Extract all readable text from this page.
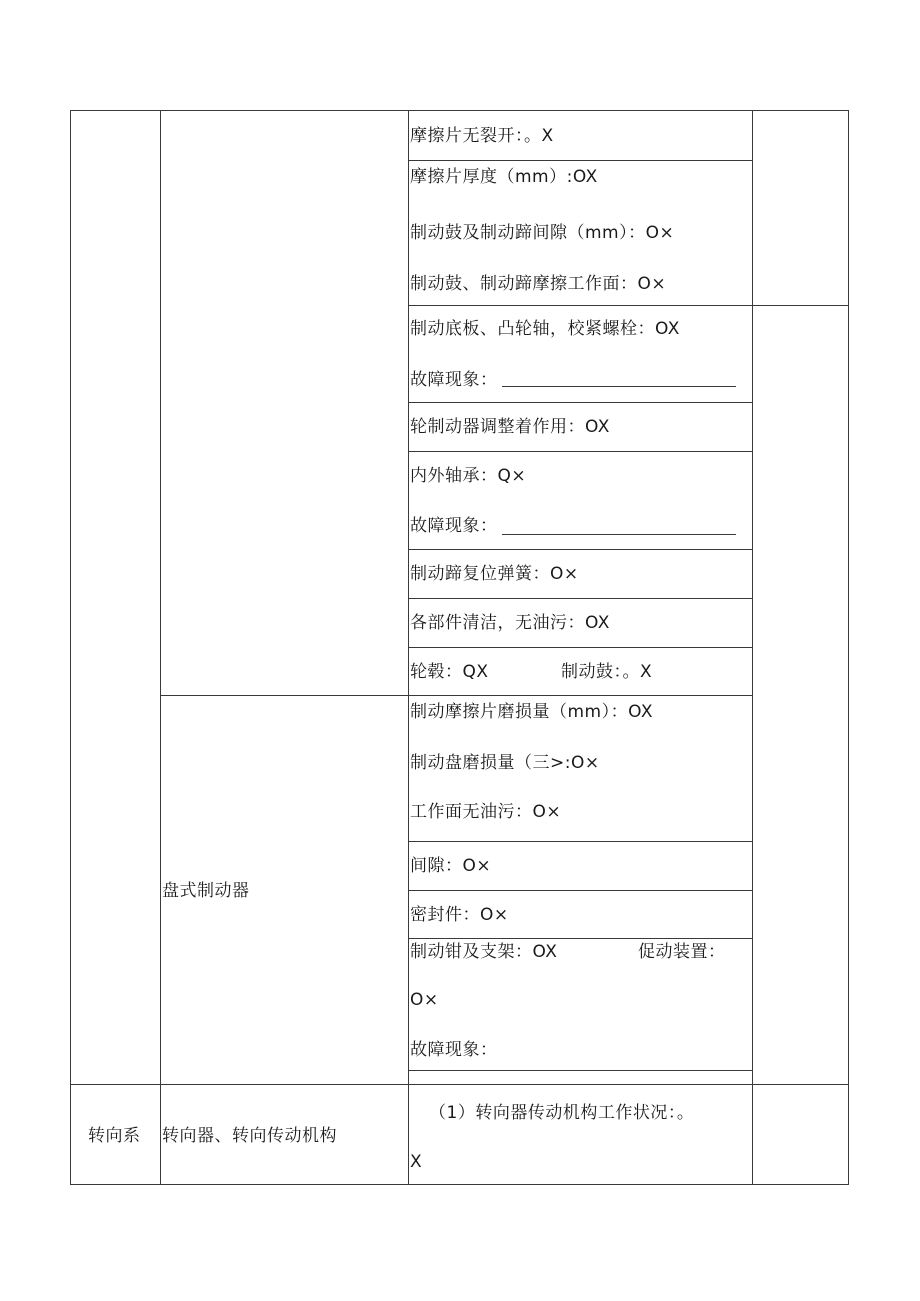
摩擦片无裂开：。X
摩擦片厚度（mm）:OX
制动鼓及制动蹄间隙（mm）：O×
制动鼓、制动蹄摩擦工作面：O×
制动底板、凸轮轴，校紧螺栓：OX
故障现象：
轮制动器调整着作用：OX
内外轴承：Q×
故障现象：
制动蹄复位弹簧：O×
各部件清洁，无油污：OX
轮毂：QX	制动鼓：。X
盘式制动器
制动摩擦片磨损量（mm）：OX
制动盘磨损量（三>:O×
工作面无油污：O×
间隙：O×
密封件：O×
制动钳及支架：OX	促动装置：
O×
故障现象：
转向系 转向器、转向传动机构
（1）转向器传动机构工作状况：。
X
